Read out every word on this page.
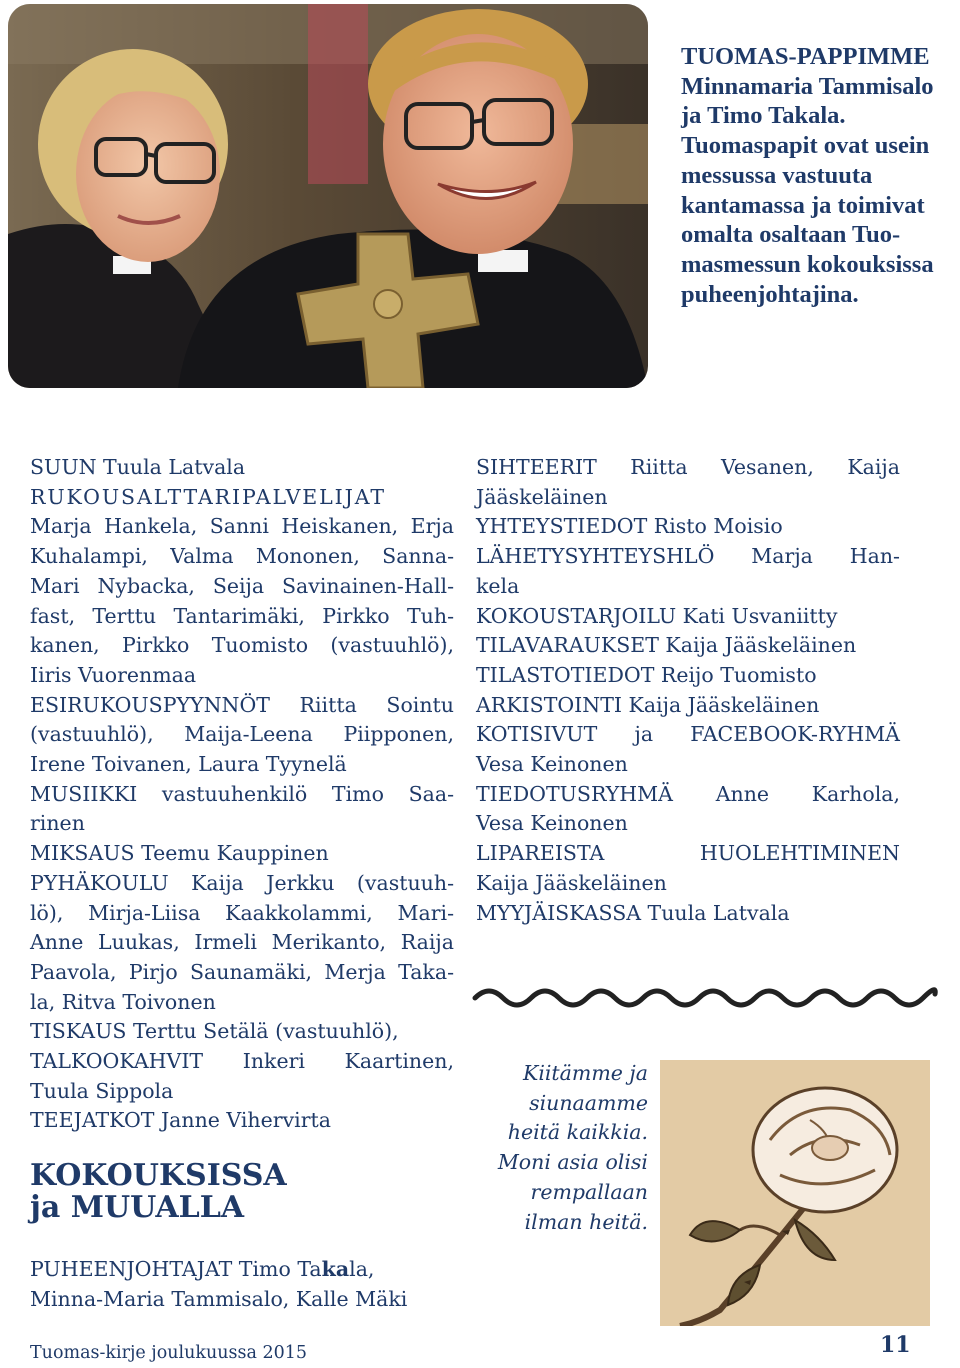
TUOMAS-PAPPIMME
Minnamaria Tammisalo
ja Timo Takala.
Tuomaspapit ovat usein
messussa vastuuta
kantamassa ja toimivat
omalta osaltaan Tuo-
masmessun kokouksissa
puheenjohtajina.
SUUN Tuula Latvala
RUKOUSALTTARIPALVELIJAT
Marja Hankela, Sanni Heiskanen, Erja
Kuhalampi, Valma Mononen, Sanna-
Mari Nybacka, Seija Savinainen-Hall-
fast, Terttu Tantarimäki, Pirkko Tuh-
kanen, Pirkko Tuomisto (vastuuhlö),
Iiris Vuorenmaa
ESIRUKOUSPYYNNÖT Riitta Sointu
(vastuuhlö), Maija-Leena Piipponen,
Irene Toivanen, Laura Tyynelä
MUSIIKKI vastuuhenkilö Timo Saa-
rinen
MIKSAUS Teemu Kauppinen
PYHÄKOULU Kaija Jerkku (vastuuh-
lö), Mirja-Liisa Kaakkolammi, Mari-
Anne Luukas, Irmeli Merikanto, Raija
Paavola, Pirjo Saunamäki, Merja Taka-
la, Ritva Toivonen
TISKAUS Terttu Setälä (vastuuhlö),
TALKOOKAHVIT Inkeri Kaartinen,
Tuula Sippola
TEEJATKOT Janne Vihervirta
SIHTEERIT Riitta Vesanen, Kaija
Jääskeläinen
YHTEYSTIEDOT Risto Moisio
LÄHETYSYHTEYSHLÖ Marja Han-
kela
KOKOUSTARJOILU Kati Usvaniitty
TILAVARAUKSET Kaija Jääskeläinen
TILASTOTIEDOT Reijo Tuomisto
ARKISTOINTI Kaija Jääskeläinen
KOTISIVUT ja FACEBOOK-RYHMÄ
Vesa Keinonen
TIEDOTUSRYHMÄ Anne Karhola,
Vesa Keinonen
LIPAREISTA HUOLEHTIMINEN
Kaija Jääskeläinen
MYYJÄISKASSA Tuula Latvala
KOKOUKSISSA
ja MUUALLA
PUHEENJOHTAJAT Timo Takala,
Minna-Maria Tammisalo, Kalle Mäki
Kiitämme ja
siunaamme
heitä kaikkia.
Moni asia olisi
rempallaan
ilman heitä.
Tuomas-kirje joulukuussa 2015	11
